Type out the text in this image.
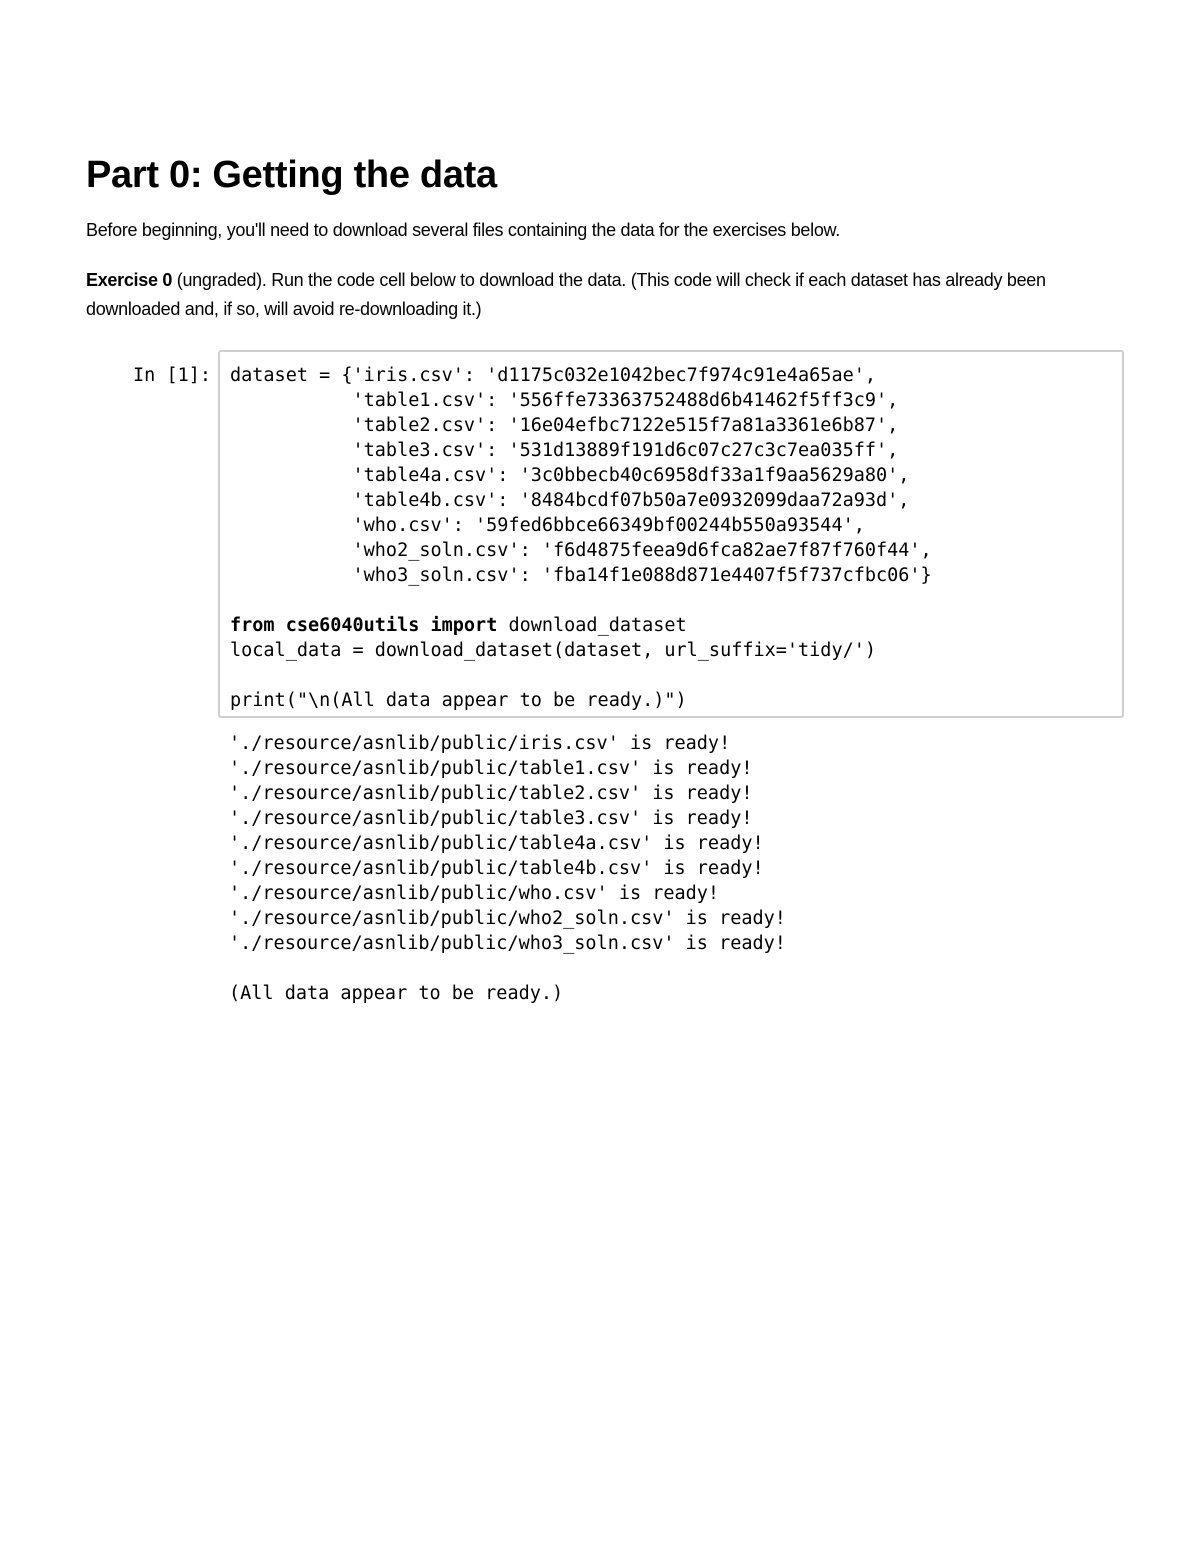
Part 0: Getting the data

Before beginning, you'll need to download several files containing the data for the exercises below.

Exercise 0 (ungraded). Run the code cell below to download the data. (This code will check if each dataset has already been downloaded and, if so, will avoid re-downloading it.)

In [1]: dataset = {'iris.csv': 'd1175c032e1042bec7f974c91e4a65ae',
'table1.csv': '556ffe73363752488d6b41462f5ff3c9',
'table2.csv': '16e04efbc7122e515f7a81a3361e6b87',
'table3.csv': '531d13889f191d6c07c27c3c7ea035ff',
'table4a.csv': '3c0bbecb40c6958df33a1f9aa5629a80',
'table4b.csv': '8484bcdf07b50a7e0932099daa72a93d',
'who.csv': '59fed6bbce66349bf00244b550a93544',
'who2_soln.csv': 'f6d4875feea9d6fca82ae7f87f760f44',
'who3_soln.csv': 'fba14f1e088d871e4407f5f737cfbc06'}
from cse6040utils import download_dataset
local_data = download_dataset(dataset, url_suffix='tidy/')
print("\n(All data appear to be ready.)")
'./resource/asnlib/public/iris.csv' is ready!
'./resource/asnlib/public/table1.csv' is ready!
'./resource/asnlib/public/table2.csv' is ready!
'./resource/asnlib/public/table3.csv' is ready!
'./resource/asnlib/public/table4a.csv' is ready!
'./resource/asnlib/public/table4b.csv' is ready!
'./resource/asnlib/public/who.csv' is ready!
'./resource/asnlib/public/who2_soln.csv' is ready!
'./resource/asnlib/public/who3_soln.csv' is ready!
(All data appear to be ready.)
